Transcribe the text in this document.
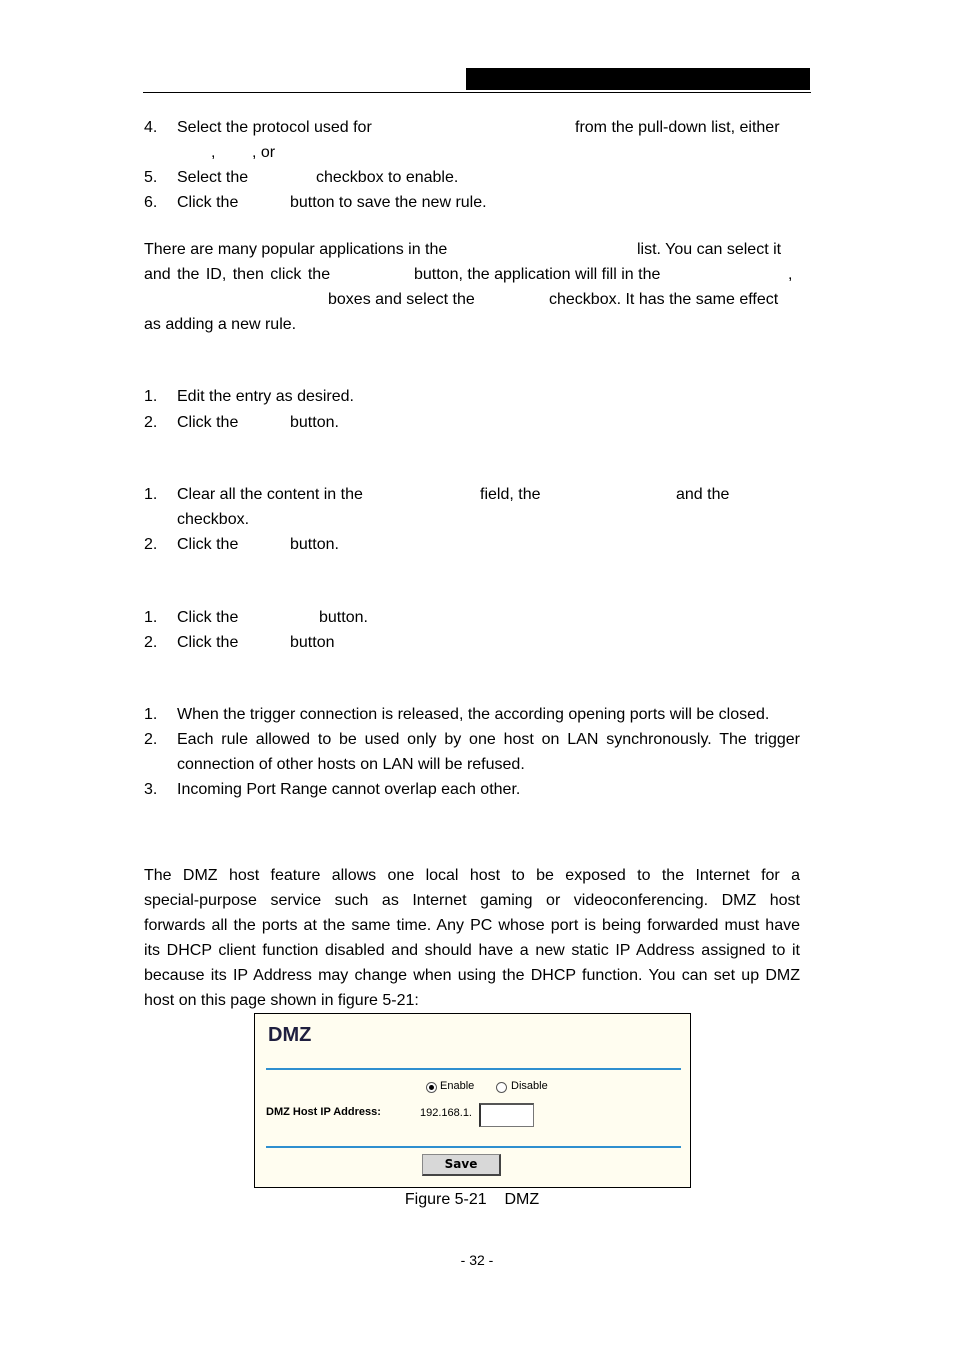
4. Select the protocol used for	from the pull-down list, either
, , or
5. Select the	checkbox to enable.
6. Click the	button to save the new rule.
There are many popular applications in the	list. You can select it
and the ID, then click the	button, the application will fill in the	,
boxes and select the	checkbox. It has the same effect
as adding a new rule.
1. Edit the entry as desired.
2. Click the	button.
1. Clear all the content in the	field, the	and the
checkbox.
2. Click the	button.
1. Click the	button.
2. Click the	button
1. When the trigger connection is released, the according opening ports will be closed.
2. Each rule allowed to be used only by one host on LAN synchronously. The trigger
connection of other hosts on LAN will be refused.
3. Incoming Port Range cannot overlap each other.
The DMZ host feature allows one local host to be exposed to the Internet for a
special-purpose service such as Internet gaming or videoconferencing. DMZ host
forwards all the ports at the same time. Any PC whose port is being forwarded must have
its DHCP client function disabled and should have a new static IP Address assigned to it
because its IP Address may change when using the DHCP function. You can set up DMZ
host on this page shown in figure 5-21:
DMZ
Enable	Disable
DMZ Host IP Address:	192.168.1.
Save
Figure 5-21    DMZ
- 32 -
